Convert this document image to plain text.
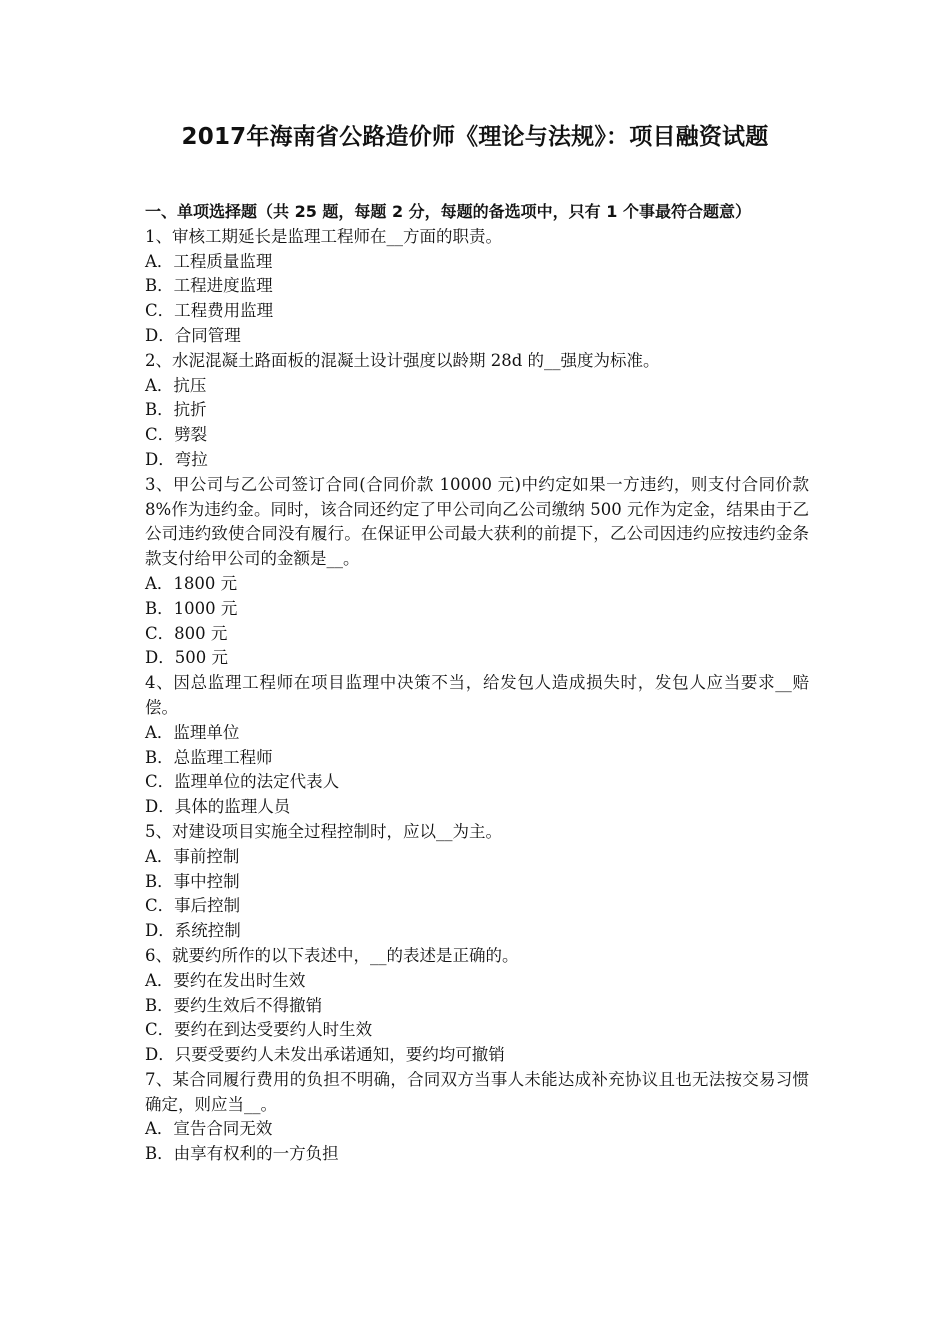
2017年海南省公路造价师《理论与法规》：项目融资试题
一、单项选择题（共 25 题，每题 2 分，每题的备选项中，只有 1 个事最符合题意）
1、审核工期延长是监理工程师在__方面的职责。
A．工程质量监理
B．工程进度监理
C．工程费用监理
D．合同管理
2、水泥混凝土路面板的混凝土设计强度以龄期 28d 的__强度为标准。
A．抗压
B．抗折
C．劈裂
D．弯拉
3、甲公司与乙公司签订合同(合同价款 10000 元)中约定如果一方违约，则支付合同价款 8%作为违约金。同时，该合同还约定了甲公司向乙公司缴纳 500 元作为定金，结果由于乙公司违约致使合同没有履行。在保证甲公司最大获利的前提下，乙公司因违约应按违约金条款支付给甲公司的金额是__。
A．1800 元
B．1000 元
C．800 元
D．500 元
4、因总监理工程师在项目监理中决策不当，给发包人造成损失时，发包人应当要求__赔偿。
A．监理单位
B．总监理工程师
C．监理单位的法定代表人
D．具体的监理人员
5、对建设项目实施全过程控制时，应以__为主。
A．事前控制
B．事中控制
C．事后控制
D．系统控制
6、就要约所作的以下表述中，__的表述是正确的。
A．要约在发出时生效
B．要约生效后不得撤销
C．要约在到达受要约人时生效
D．只要受要约人未发出承诺通知，要约均可撤销
7、某合同履行费用的负担不明确，合同双方当事人未能达成补充协议且也无法按交易习惯确定，则应当__。
A．宣告合同无效
B．由享有权利的一方负担
